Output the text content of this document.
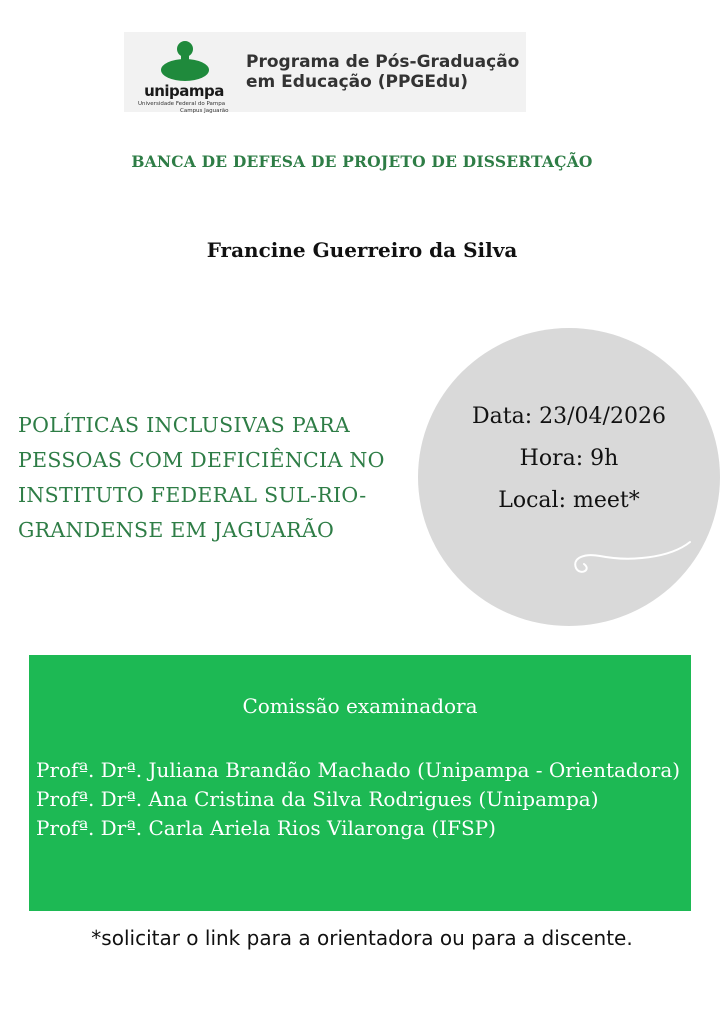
unipampa
Universidade Federal do Pampa
Campus Jaguarão
Programa de Pós-Graduação
em Educação (PPGEdu)
BANCA DE DEFESA DE PROJETO DE DISSERTAÇÃO
Francine Guerreiro da Silva
POLÍTICAS INCLUSIVAS PARA PESSOAS COM DEFICIÊNCIA NO INSTITUTO FEDERAL SUL-RIO-GRANDENSE EM JAGUARÃO
Data: 23/04/2026
Hora: 9h
Local: meet*
Comissão examinadora
Profª. Drª. Juliana Brandão Machado (Unipampa - Orientadora)
Profª. Drª. Ana Cristina da Silva Rodrigues (Unipampa)
Profª. Drª. Carla Ariela Rios Vilaronga (IFSP)
*solicitar o link para a orientadora ou para a discente.
